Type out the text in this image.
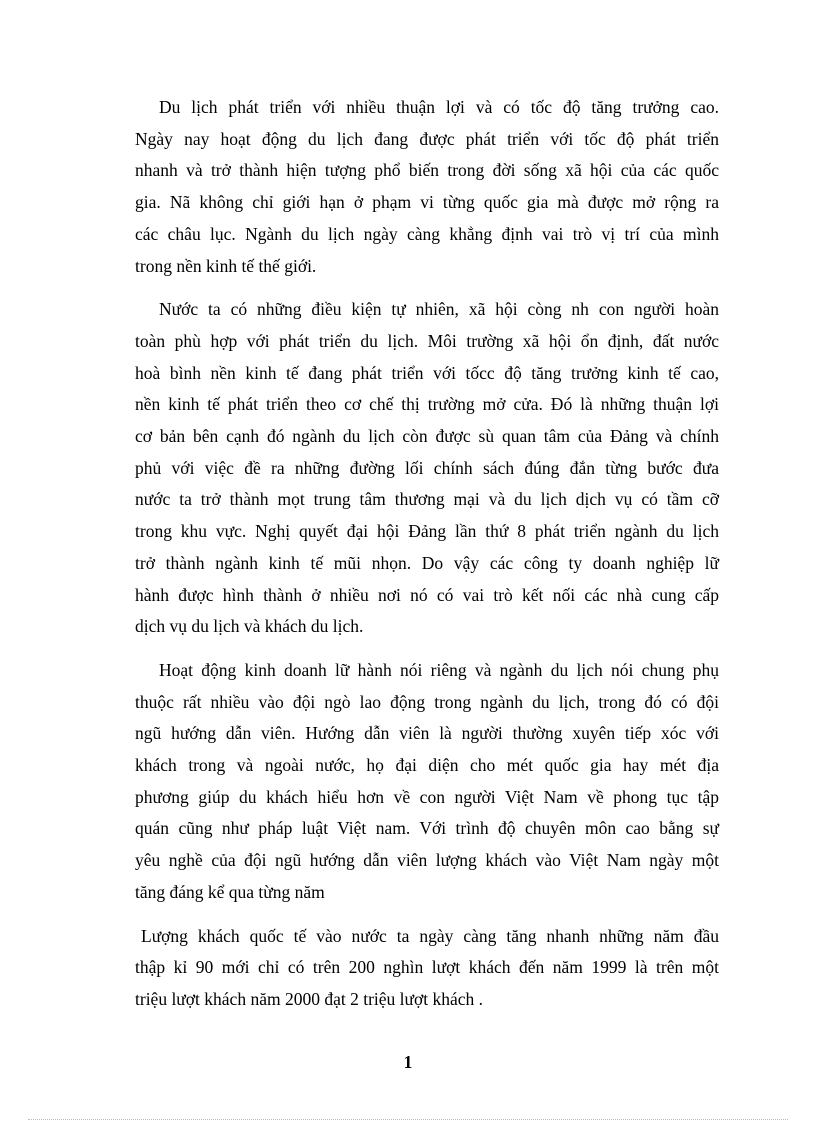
Du lịch phát triển với nhiều thuận lợi và có tốc độ tăng trưởng cao.
Ngày nay hoạt động du lịch đang được phát triển với tốc độ phát triển
nhanh và trở thành hiện tượng phổ biến trong đời sống xã hội của các quốc
gia. Nã không chỉ giới hạn ở phạm vi từng quốc gia mà được mở rộng ra
các châu lục. Ngành du lịch ngày càng khẳng định vai trò vị trí của mình
trong nền kinh tế thế giới.

Nước ta có những điều kiện tự nhiên, xã hội còng nh con người hoàn
toàn phù hợp với phát triển du lịch. Môi trường xã hội ổn định, đất nước
hoà bình nền kinh tế đang phát triển với tốcc độ tăng trưởng kinh tế cao,
nền kinh tế phát triển theo cơ chế thị trường mở cửa. Đó là những thuận lợi
cơ bản bên cạnh đó ngành du lịch còn được sù quan tâm của Đảng và chính
phủ với việc đề ra những đường lối chính sách đúng đắn từng bước đưa
nước ta trở thành mọt trung tâm thương mại và du lịch dịch vụ có tầm cỡ
trong khu vực. Nghị quyết đại hội Đảng lần thứ 8 phát triển ngành du lịch
trở thành ngành kinh tế mũi nhọn. Do vậy các công ty doanh nghiệp lữ
hành được hình thành ở nhiều nơi nó có vai trò kết nối các nhà cung cấp
dịch vụ du lịch và khách du lịch.

Hoạt động kinh doanh lữ hành nói riêng và ngành du lịch nói chung phụ
thuộc rất nhiều vào đội ngò lao động trong ngành du lịch, trong đó có đội
ngũ hướng dẫn viên. Hướng dẫn viên là người thường xuyên tiếp xóc với
khách trong và ngoài nước, họ đại diện cho mét quốc gia hay mét địa
phương giúp du khách hiểu hơn về con người Việt Nam về phong tục tập
quán cũng như pháp luật Việt nam. Với trình độ chuyên môn cao bằng sự
yêu nghề của đội ngũ hướng dẫn viên lượng khách vào Việt Nam ngày một
tăng đáng kể qua từng năm

Lượng khách quốc tế vào nước ta ngày càng tăng nhanh những năm đầu
thập kỉ 90 mới chỉ có trên 200 nghìn lượt khách đến năm 1999 là trên một
triệu lượt khách năm 2000 đạt 2 triệu lượt khách .

1
